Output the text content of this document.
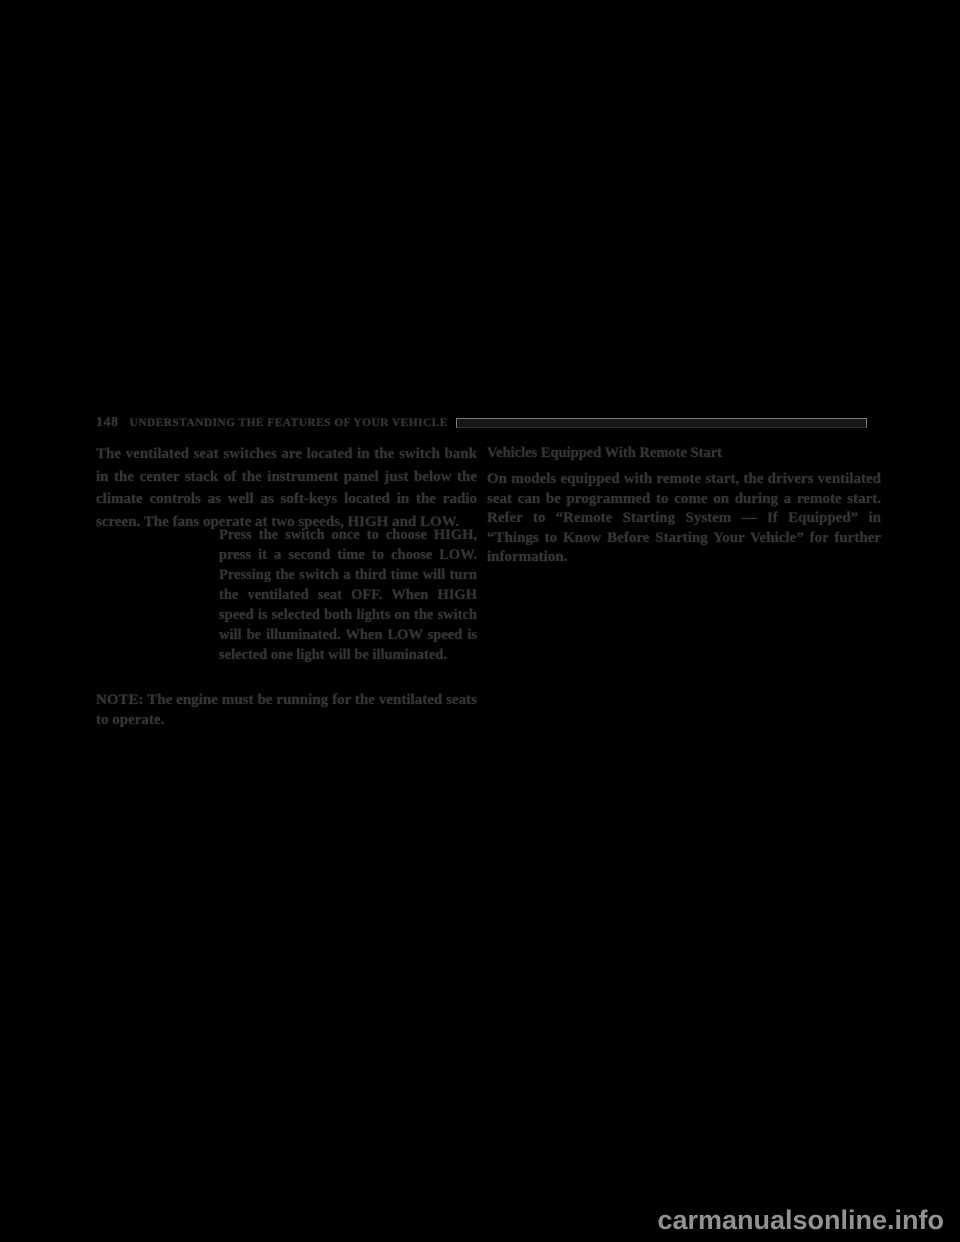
148 UNDERSTANDING THE FEATURES OF YOUR VEHICLE

The ventilated seat switches are located in the switch bank in the center stack of the instrument panel just below the climate controls as well as soft-keys located in the radio screen. The fans operate at two speeds, HIGH and LOW.

Press the switch once to choose HIGH, press it a second time to choose LOW. Pressing the switch a third time will turn the ventilated seat OFF. When HIGH speed is selected both lights on the switch will be illuminated. When LOW speed is selected one light will be illuminated.

NOTE: The engine must be running for the ventilated seats to operate.

Vehicles Equipped With Remote Start

On models equipped with remote start, the drivers ventilated seat can be programmed to come on during a remote start. Refer to “Remote Starting System — If Equipped” in “Things to Know Before Starting Your Vehicle” for further information.

carmanualsonline.info
